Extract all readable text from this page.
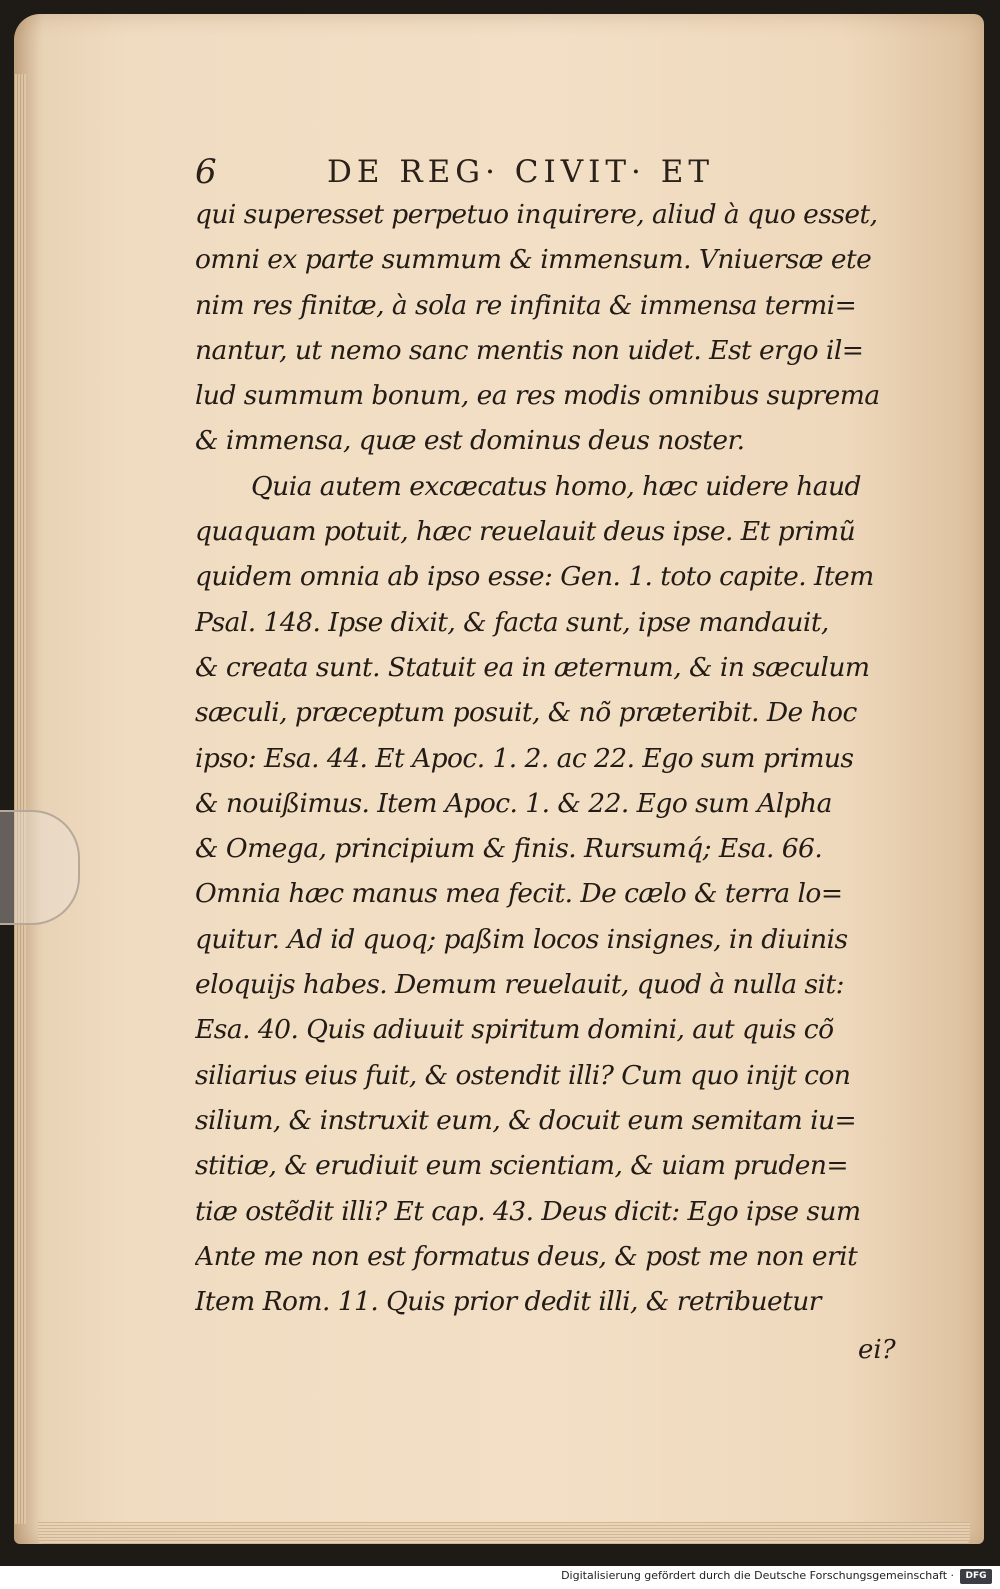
6	DE REG· CIVIT· ET
qui superesset perpetuo inquirere, aliud à quo esset,
omni ex parte summum & immensum. Vniuersæ ete
nim res finitæ, à sola re infinita & immensa termi=
nantur, ut nemo sanc mentis non uidet. Est ergo il=
lud summum bonum, ea res modis omnibus suprema
& immensa, quæ est dominus deus noster.
Quia autem excæcatus homo, hæc uidere haud
quaquam potuit, hæc reuelauit deus ipse. Et primũ
quidem omnia ab ipso esse: Gen. 1. toto capite. Item
Psal. 148. Ipse dixit, & facta sunt, ipse mandauit,
& creata sunt. Statuit ea in æternum, & in sæculum
sæculi, præceptum posuit, & nõ præteribit. De hoc
ipso: Esa. 44. Et Apoc. 1. 2. ac 22. Ego sum primus
& nouißimus. Item Apoc. 1. & 22. Ego sum Alpha
& Omega, principium & finis. Rursumq́; Esa. 66.
Omnia hæc manus mea fecit. De cælo & terra lo=
quitur. Ad id quoq; paßim locos insignes, in diuinis
eloquijs habes. Demum reuelauit, quod à nulla sit:
Esa. 40. Quis adiuuit spiritum domini, aut quis cõ
siliarius eius fuit, & ostendit illi? Cum quo inijt con
silium, & instruxit eum, & docuit eum semitam iu=
stitiæ, & erudiuit eum scientiam, & uiam pruden=
tiæ ostẽdit illi? Et cap. 43. Deus dicit: Ego ipse sum
Ante me non est formatus deus, & post me non erit
Item Rom. 11. Quis prior dedit illi, & retribuetur
ei?
Digitalisierung gefördert durch die Deutsche Forschungsgemeinschaft ·	DFG
